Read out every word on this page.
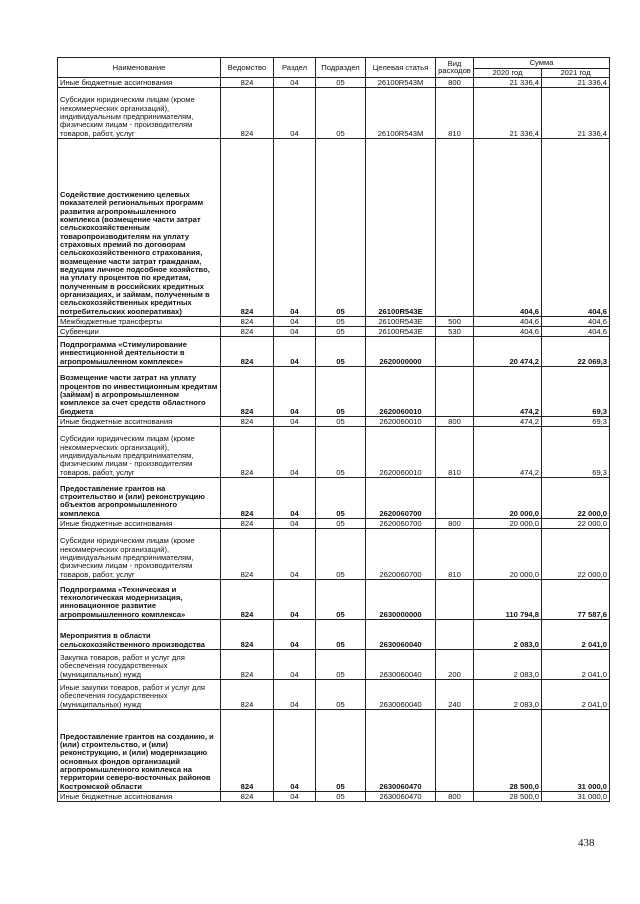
Наименование	Ведомство	Раздел	Подраздел	Целевая статья	Вид расходов	Сумма	
						2020 год	2021 год
Иные бюджетные ассигнования	824	04	05	26100R543M	800	21 336,4	21 336,4
Субсидии юридическим лицам (кроме некоммерческих организаций), индивидуальным предпринимателям, физическим лицам - производителям товаров, работ, услуг	824	04	05	26100R543M	810	21 336,4	21 336,4
Содействие достижению целевых показателей региональных программ развития агропромышленного комплекса (возмещение части затрат сельскохозяйственным товаропроизводителям на уплату страховых премий по договорам сельскохозяйственного страхования, возмещение части затрат гражданам, ведущим личное подсобное хозяйство, на уплату процентов по кредитам, полученным в российских кредитных организациях, и займам, полученным в сельскохозяйственных кредитных потребительских кооперативах)	824	04	05	26100R543E		404,6	404,6
Межбюджетные трансферты	824	04	05	26100R543E	500	404,6	404,6
Субвенции	824	04	05	26100R543E	530	404,6	404,6
Подпрограмма «Стимулирование инвестиционной деятельности в агропромышленном комплексе»	824	04	05	2620000000		20 474,2	22 069,3
Возмещение части затрат на уплату процентов по инвестиционным кредитам (займам) в агропромышленном комплексе за счет средств областного бюджета	824	04	05	2620060010		474,2	69,3
Иные бюджетные ассигнования	824	04	05	2620060010	800	474,2	69,3
Субсидии юридическим лицам (кроме некоммерческих организаций), индивидуальным предпринимателям, физическим лицам - производителям товаров, работ, услуг	824	04	05	2620060010	810	474,2	69,3
Предоставление грантов на строительство и (или) реконструкцию объектов агропромышленного комплекса	824	04	05	2620060700		20 000,0	22 000,0
Иные бюджетные ассигнования	824	04	05	2620060700	800	20 000,0	22 000,0
Субсидии юридическим лицам (кроме некоммерческих организаций), индивидуальным предпринимателям, физическим лицам - производителям товаров, работ, услуг	824	04	05	2620060700	810	20 000,0	22 000,0
Подпрограмма «Техническая и технологическая модернизация, инновационное развитие агропромышленного комплекса»	824	04	05	2630000000		110 794,8	77 587,6
Мероприятия в области сельскохозяйственного производства	824	04	05	2630060040		2 083,0	2 041,0
Закупка товаров, работ и услуг для обеспечения государственных (муниципальных) нужд	824	04	05	2630060040	200	2 083,0	2 041,0
Иные закупки товаров, работ и услуг для обеспечения государственных (муниципальных) нужд	824	04	05	2630060040	240	2 083,0	2 041,0
Предоставление грантов на созданию, и (или) строительство, и (или) реконструкцию, и (или) модернизацию основных фондов организаций агропромышленного комплекса на территории северо-восточных районов Костромской области	824	04	05	2630060470		28 500,0	31 000,0
Иные бюджетные ассигнования	824	04	05	2630060470	800	28 500,0	31 000,0
438
